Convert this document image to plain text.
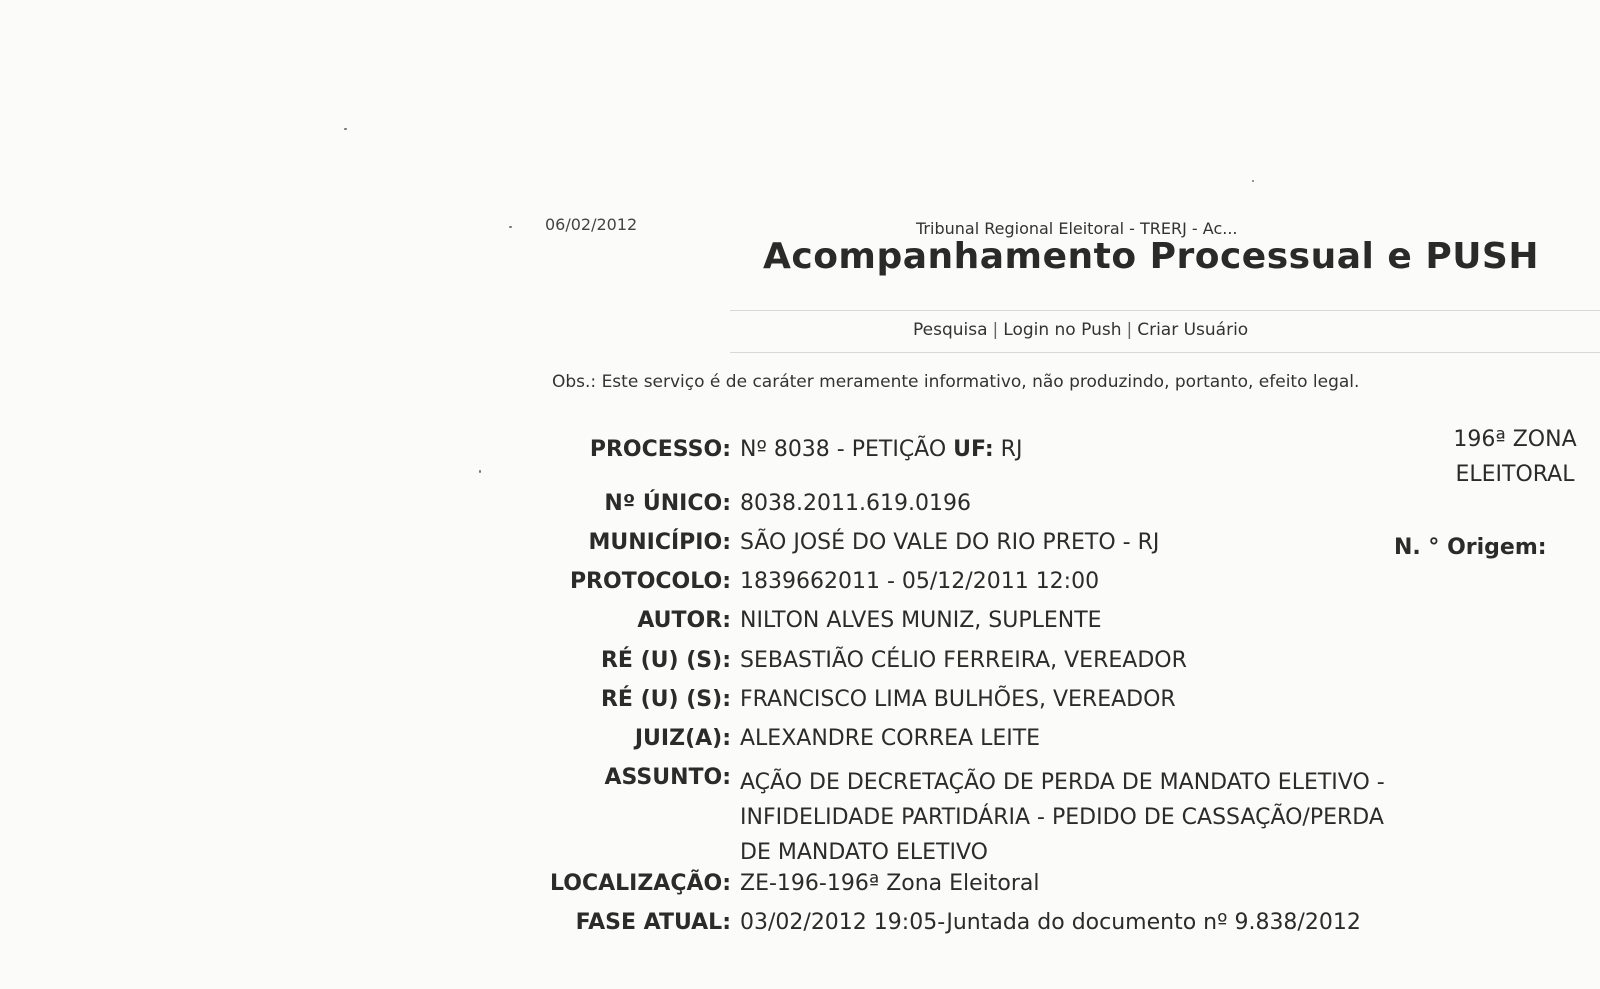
06/02/2012	Tribunal Regional Eleitoral - TRERJ - Ac...
Acompanhamento Processual e PUSH
Pesquisa | Login no Push | Criar Usuário
Obs.: Este serviço é de caráter meramente informativo, não produzindo, portanto, efeito legal.
PROCESSO: Nº 8038 - PETIÇÃO UF: RJ	196ª ZONA ELEITORAL
Nº ÚNICO: 8038.2011.619.0196
MUNICÍPIO: SÃO JOSÉ DO VALE DO RIO PRETO - RJ	N. ° Origem:
PROTOCOLO: 1839662011 - 05/12/2011 12:00
AUTOR: NILTON ALVES MUNIZ, SUPLENTE
RÉ (U) (S): SEBASTIÃO CÉLIO FERREIRA, VEREADOR
RÉ (U) (S): FRANCISCO LIMA BULHÕES, VEREADOR
JUIZ(A): ALEXANDRE CORREA LEITE
ASSUNTO: AÇÃO DE DECRETAÇÃO DE PERDA DE MANDATO ELETIVO - INFIDELIDADE PARTIDÁRIA - PEDIDO DE CASSAÇÃO/PERDA DE MANDATO ELETIVO
LOCALIZAÇÃO: ZE-196-196ª Zona Eleitoral
FASE ATUAL: 03/02/2012 19:05-Juntada do documento nº 9.838/2012
